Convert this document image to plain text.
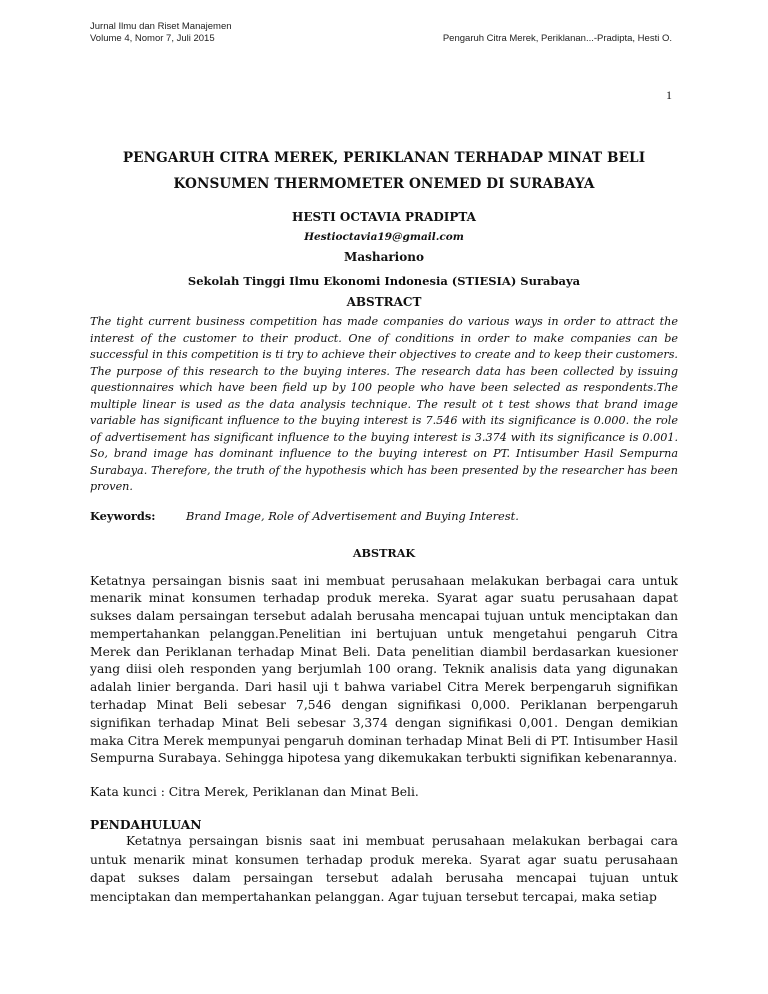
Jurnal Ilmu dan Riset Manajemen
Volume 4, Nomor 7, Juli 2015	Pengaruh Citra Merek, Periklanan...-Pradipta, Hesti O.
1
PENGARUH CITRA MEREK, PERIKLANAN TERHADAP MINAT BELI
KONSUMEN THERMOMETER ONEMED DI SURABAYA
HESTI OCTAVIA PRADIPTA
Hestioctavia19@gmail.com
Mashariono
Sekolah Tinggi Ilmu Ekonomi Indonesia (STIESIA) Surabaya
ABSTRACT

The tight current business competition has made companies do various ways in order to attract the interest of the customer to their product. One of conditions in order to make companies can be successful in this competition is ti try to achieve their objectives to create and to keep their customers. The purpose of this research to the buying interes. The research data has been collected by issuing questionnaires which have been field up by 100 people who have been selected as respondents.The multiple linear is used as the data analysis technique. The result ot t test shows that brand image variable has significant influence to the buying interest is 7.546 with its significance is 0.000. the role of advertisement has significant influence to the buying interest is 3.374 with its significance is 0.001. So, brand image has dominant influence to the buying interest on PT. Intisumber Hasil Sempurna Surabaya. Therefore, the truth of the hypothesis which has been presented by the researcher has been proven.

Keywords:	Brand Image, Role of Advertisement and Buying Interest.
ABSTRAK

Ketatnya persaingan bisnis saat ini membuat perusahaan melakukan berbagai cara untuk menarik minat konsumen terhadap produk mereka. Syarat agar suatu perusahaan dapat sukses dalam persaingan tersebut adalah berusaha mencapai tujuan untuk menciptakan dan mempertahankan pelanggan.Penelitian ini bertujuan untuk mengetahui pengaruh Citra Merek dan Periklanan terhadap Minat Beli. Data penelitian diambil berdasarkan kuesioner yang diisi oleh responden yang berjumlah 100 orang. Teknik analisis data yang digunakan adalah linier berganda. Dari hasil uji t bahwa variabel Citra Merek berpengaruh signifikan terhadap Minat Beli sebesar 7,546 dengan signifikasi 0,000. Periklanan berpengaruh signifikan terhadap Minat Beli sebesar 3,374 dengan signifikasi 0,001. Dengan demikian maka Citra Merek mempunyai pengaruh dominan terhadap Minat Beli di PT. Intisumber Hasil Sempurna Surabaya. Sehingga hipotesa yang dikemukakan terbukti signifikan kebenarannya.

Kata kunci : Citra Merek, Periklanan dan Minat Beli.
PENDAHULUAN

Ketatnya persaingan bisnis saat ini membuat perusahaan melakukan berbagai cara untuk menarik minat konsumen terhadap produk mereka. Syarat agar suatu perusahaan dapat sukses dalam persaingan tersebut adalah berusaha mencapai tujuan untuk menciptakan dan mempertahankan pelanggan. Agar tujuan tersebut tercapai, maka setiap
